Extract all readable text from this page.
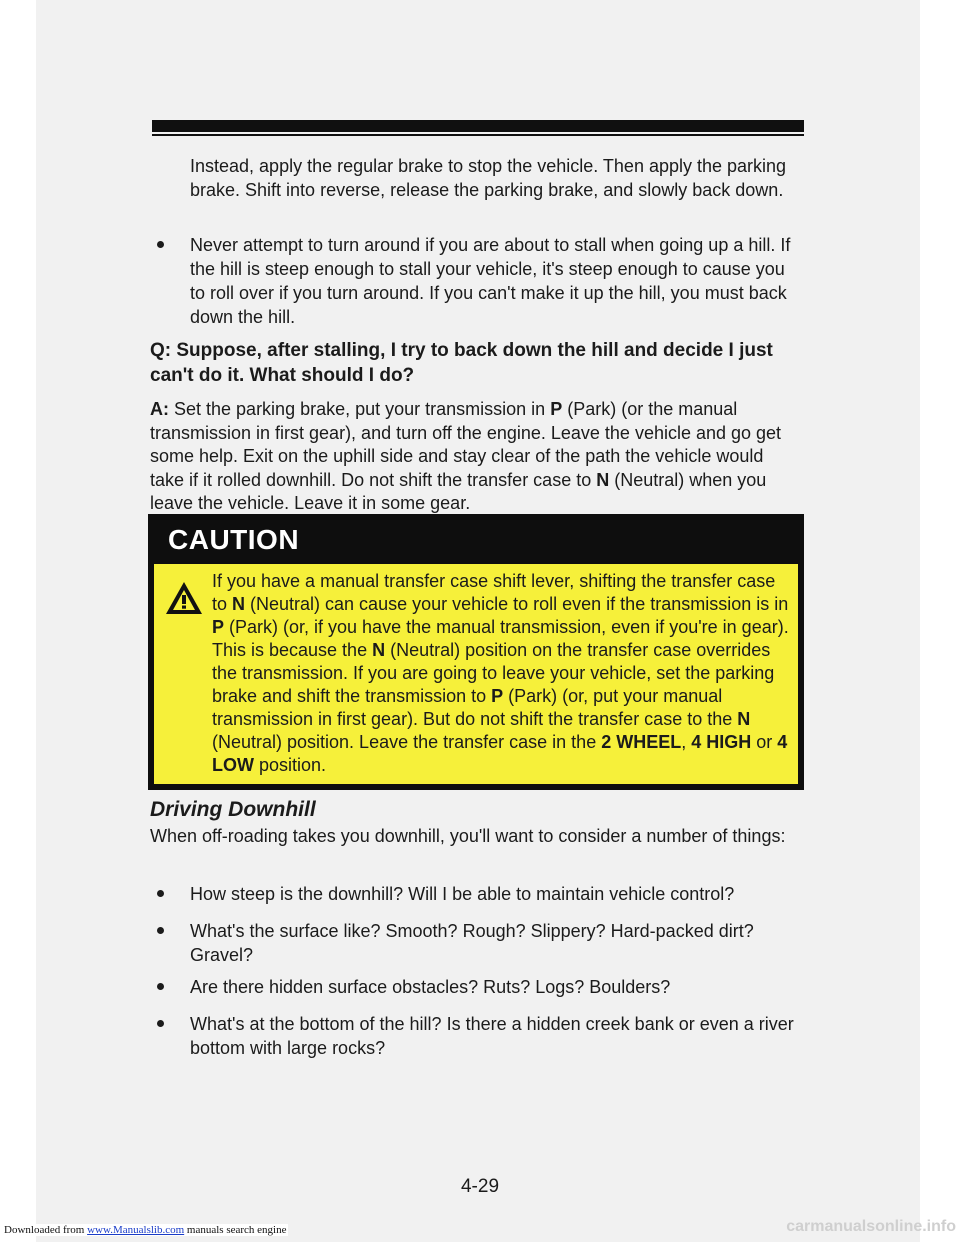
Instead, apply the regular brake to stop the vehicle. Then apply the parking brake. Shift into reverse, release the parking brake, and slowly back down.

Never attempt to turn around if you are about to stall when going up a hill. If the hill is steep enough to stall your vehicle, it's steep enough to cause you to roll over if you turn around. If you can't make it up the hill, you must back down the hill.

Q: Suppose, after stalling, I try to back down the hill and decide I just can't do it. What should I do?

A: Set the parking brake, put your transmission in P (Park) (or the manual transmission in first gear), and turn off the engine. Leave the vehicle and go get some help. Exit on the uphill side and stay clear of the path the vehicle would take if it rolled downhill. Do not shift the transfer case to N (Neutral) when you leave the vehicle. Leave it in some gear.

CAUTION

If you have a manual transfer case shift lever, shifting the transfer case to N (Neutral) can cause your vehicle to roll even if the transmission is in P (Park) (or, if you have the manual transmission, even if you're in gear). This is because the N (Neutral) position on the transfer case overrides the transmission. If you are going to leave your vehicle, set the parking brake and shift the transmission to P (Park) (or, put your manual transmission in first gear). But do not shift the transfer case to the N (Neutral) position. Leave the transfer case in the 2 WHEEL, 4 HIGH or 4 LOW position.

Driving Downhill

When off-roading takes you downhill, you'll want to consider a number of things:

How steep is the downhill? Will I be able to maintain vehicle control?

What's the surface like? Smooth? Rough? Slippery? Hard-packed dirt? Gravel?

Are there hidden surface obstacles? Ruts? Logs? Boulders?

What's at the bottom of the hill? Is there a hidden creek bank or even a river bottom with large rocks?

4-29
Downloaded from www.Manualslib.com manuals search engine	carmanualsonline.info
